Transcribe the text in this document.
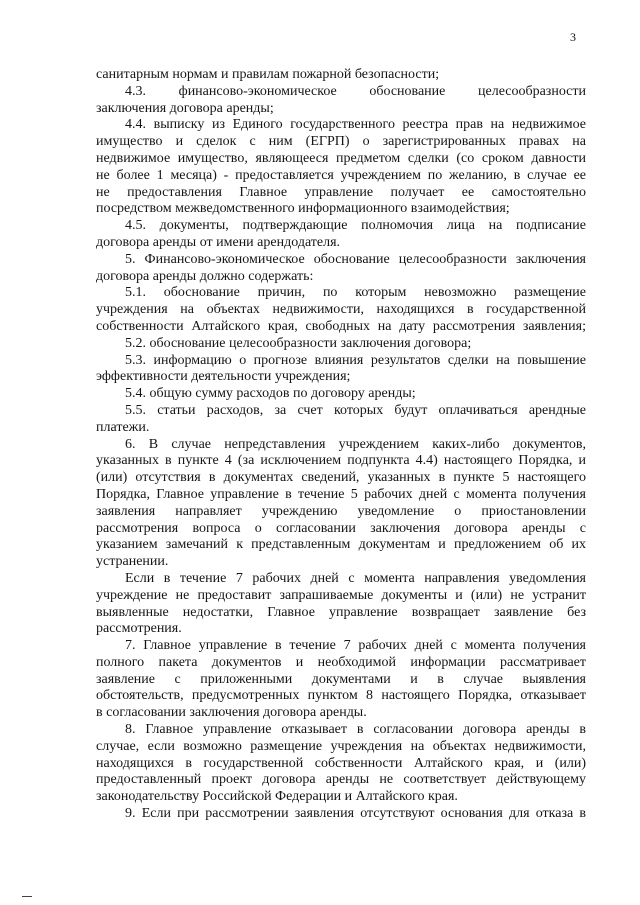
3
санитарным нормам и правилам пожарной безопасности;
4.3.    финансово-экономическое    обоснование    целесообразности
заключения договора аренды;
4.4. выписку из Единого государственного реестра прав на недвижимое
имущество и сделок с ним (ЕГРП) о зарегистрированных правах на
недвижимое имущество, являющееся предметом сделки (со сроком давности
не более 1 месяца) - предоставляется учреждением по желанию, в случае ее
не предоставления Главное управление получает ее самостоятельно
посредством межведомственного информационного взаимодействия;
4.5. документы, подтверждающие полномочия лица на подписание
договора аренды от имени арендодателя.
5. Финансово-экономическое обоснование целесообразности заключения
договора аренды должно содержать:
5.1.  обоснование  причин,  по  которым  невозможно  размещение
учреждения на объектах недвижимости, находящихся в государственной
собственности Алтайского края, свободных на дату рассмотрения заявления;
5.2. обоснование целесообразности заключения договора;
5.3. информацию о прогнозе влияния результатов сделки на повышение
эффективности деятельности учреждения;
5.4. общую сумму расходов по договору аренды;
5.5. статьи расходов, за счет которых будут оплачиваться арендные
платежи.
6. В случае непредставления учреждением каких-либо документов,
указанных в пункте 4 (за исключением подпункта 4.4) настоящего Порядка, и
(или) отсутствия в документах сведений, указанных в пункте 5 настоящего
Порядка, Главное управление в течение 5 рабочих дней с момента получения
заявления направляет учреждению уведомление о приостановлении
рассмотрения вопроса о согласовании заключения договора аренды с
указанием замечаний к представленным документам и предложением об их
устранении.
Если в течение 7 рабочих дней с момента направления уведомления
учреждение не предоставит запрашиваемые документы и (или) не устранит
выявленные недостатки, Главное управление возвращает заявление без
рассмотрения.
7. Главное управление в течение 7 рабочих дней с момента получения
полного пакета документов и необходимой информации рассматривает
заявление   с   приложенными   документами   и   в   случае   выявления
обстоятельств, предусмотренных пунктом 8 настоящего Порядка, отказывает
в согласовании заключения договора аренды.
8. Главное управление отказывает в согласовании договора аренды в
случае, если возможно размещение учреждения на объектах недвижимости,
находящихся в государственной собственности Алтайского края, и (или)
предоставленный проект договора аренды не соответствует действующему
законодательству Российской Федерации и Алтайского края.
9. Если при рассмотрении заявления отсутствуют основания для отказа в
